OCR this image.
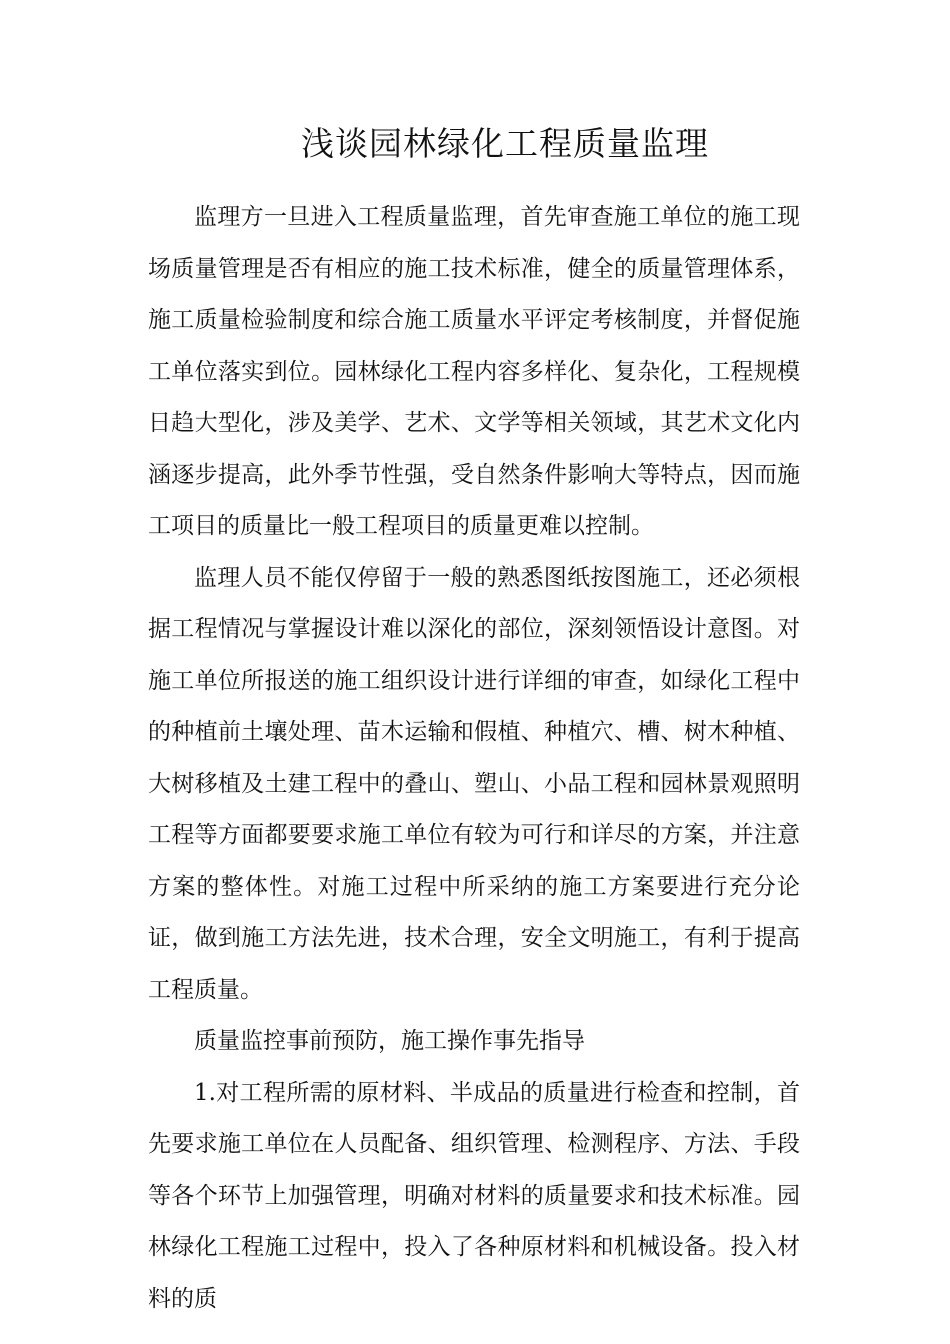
浅谈园林绿化工程质量监理

监理方一旦进入工程质量监理，首先审查施工单位的施工现场质量管理是否有相应的施工技术标准，健全的质量管理体系，施工质量检验制度和综合施工质量水平评定考核制度，并督促施工单位落实到位。园林绿化工程内容多样化、复杂化，工程规模日趋大型化，涉及美学、艺术、文学等相关领域，其艺术文化内涵逐步提高，此外季节性强，受自然条件影响大等特点，因而施工项目的质量比一般工程项目的质量更难以控制。

监理人员不能仅停留于一般的熟悉图纸按图施工，还必须根据工程情况与掌握设计难以深化的部位，深刻领悟设计意图。对施工单位所报送的施工组织设计进行详细的审查，如绿化工程中的种植前土壤处理、苗木运输和假植、种植穴、槽、树木种植、大树移植及土建工程中的叠山、塑山、小品工程和园林景观照明工程等方面都要要求施工单位有较为可行和详尽的方案，并注意方案的整体性。对施工过程中所采纳的施工方案要进行充分论证，做到施工方法先进，技术合理，安全文明施工，有利于提高工程质量。

质量监控事前预防，施工操作事先指导

1.对工程所需的原材料、半成品的质量进行检查和控制，首先要求施工单位在人员配备、组织管理、检测程序、方法、手段等各个环节上加强管理，明确对材料的质量要求和技术标准。园林绿化工程施工过程中，投入了各种原材料和机械设备。投入材料的质
